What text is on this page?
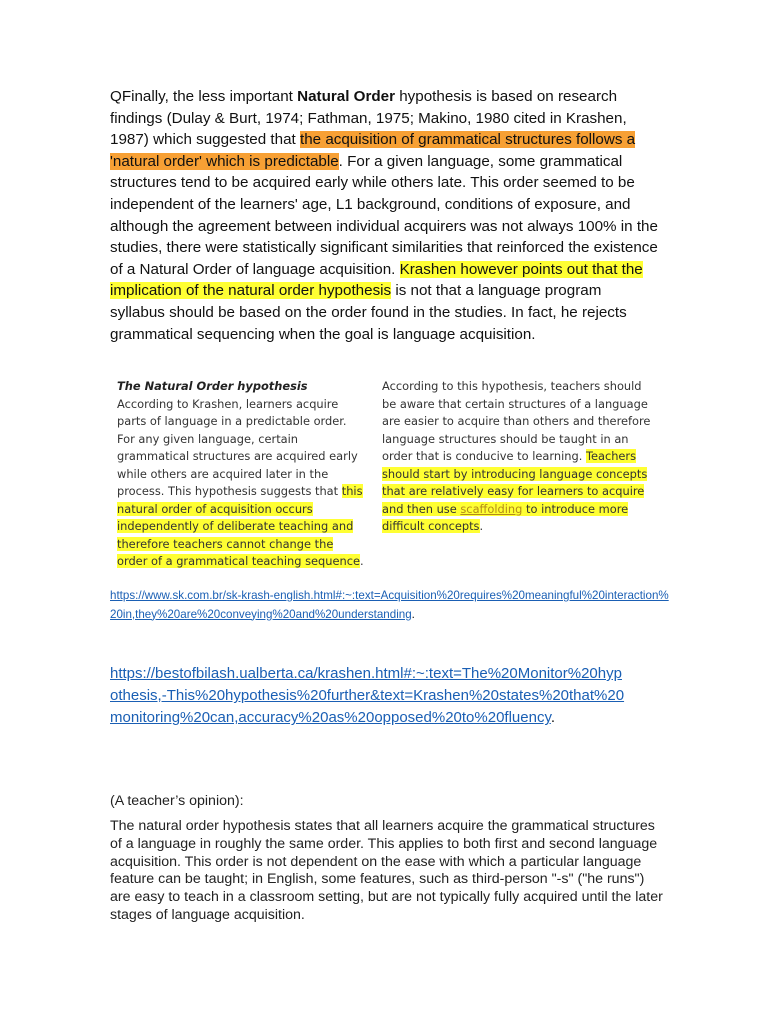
QFinally, the less important Natural Order hypothesis is based on research findings (Dulay & Burt, 1974; Fathman, 1975; Makino, 1980 cited in Krashen, 1987) which suggested that the acquisition of grammatical structures follows a 'natural order' which is predictable. For a given language, some grammatical structures tend to be acquired early while others late. This order seemed to be independent of the learners' age, L1 background, conditions of exposure, and although the agreement between individual acquirers was not always 100% in the studies, there were statistically significant similarities that reinforced the existence of a Natural Order of language acquisition. Krashen however points out that the implication of the natural order hypothesis is not that a language program syllabus should be based on the order found in the studies. In fact, he rejects grammatical sequencing when the goal is language acquisition.

The Natural Order hypothesis
According to Krashen, learners acquire parts of language in a predictable order. For any given language, certain grammatical structures are acquired early while others are acquired later in the process. This hypothesis suggests that this natural order of acquisition occurs independently of deliberate teaching and therefore teachers cannot change the order of a grammatical teaching sequence.
According to this hypothesis, teachers should be aware that certain structures of a language are easier to acquire than others and therefore language structures should be taught in an order that is conducive to learning. Teachers should start by introducing language concepts that are relatively easy for learners to acquire and then use scaffolding to introduce more difficult concepts.
https://www.sk.com.br/sk-krash-english.html#:~:text=Acquisition%20requires%20meaningful%20interaction%20in,they%20are%20conveying%20and%20understanding.
https://bestofbilash.ualberta.ca/krashen.html#:~:text=The%20Monitor%20hypothesis,-This%20hypothesis%20further&text=Krashen%20states%20that%20monitoring%20can,accuracy%20as%20opposed%20to%20fluency.
(A teacher’s opinion):

The natural order hypothesis states that all learners acquire the grammatical structures of a language in roughly the same order. This applies to both first and second language acquisition. This order is not dependent on the ease with which a particular language feature can be taught; in English, some features, such as third-person "-s" ("he runs") are easy to teach in a classroom setting, but are not typically fully acquired until the later stages of language acquisition.
